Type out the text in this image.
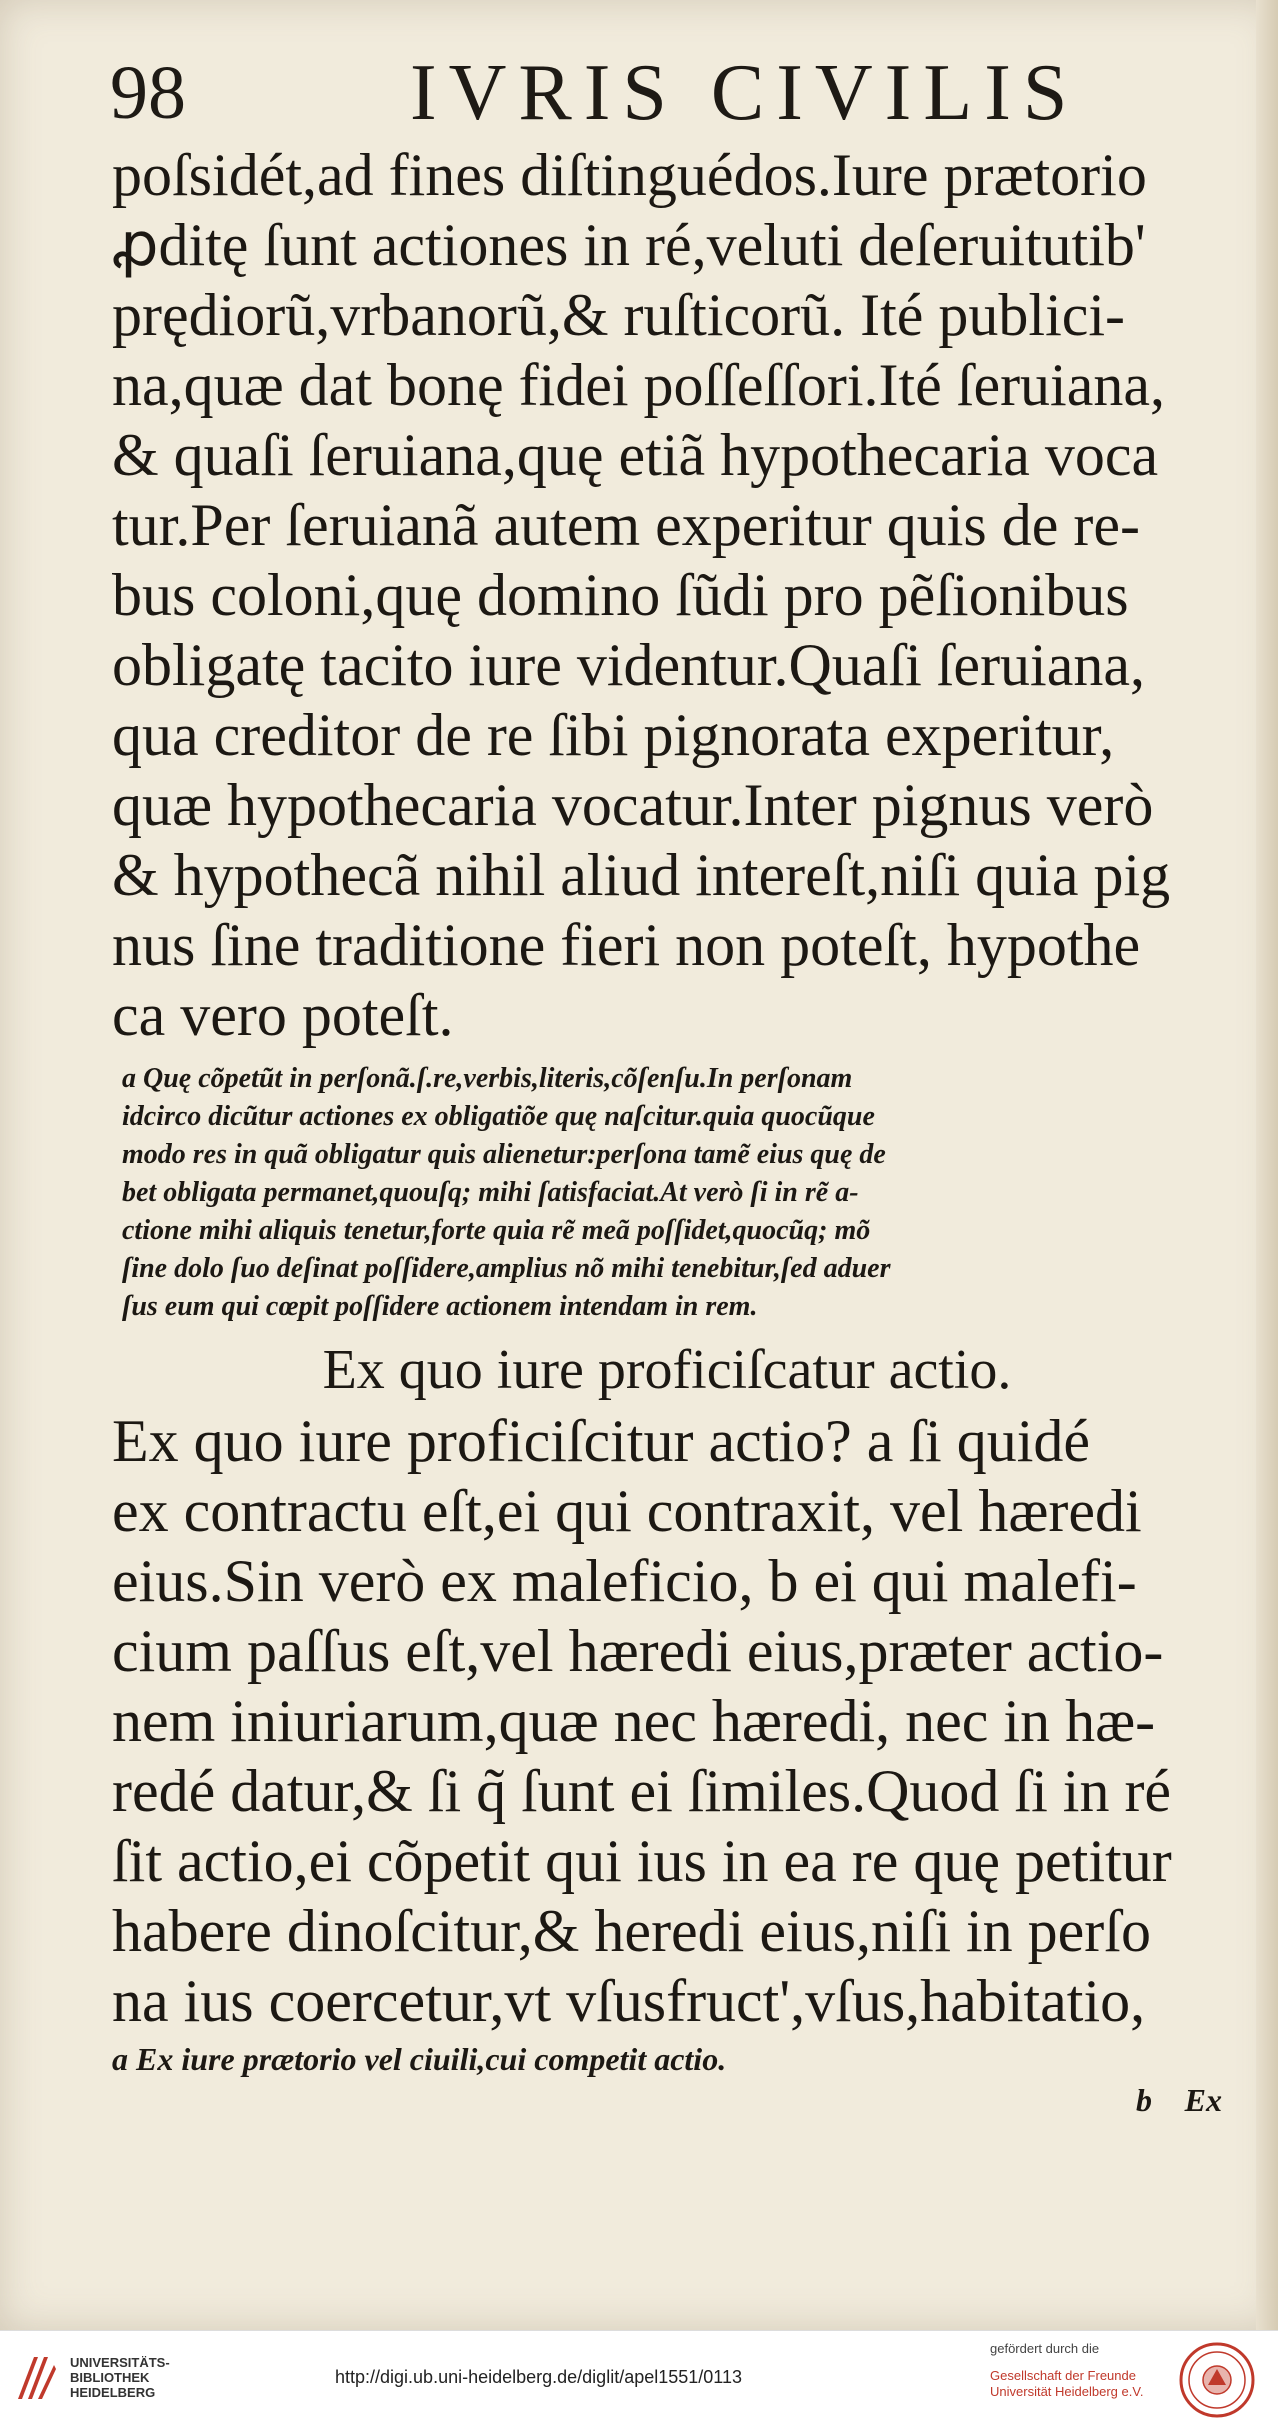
98	IVRIS CIVILIS
poſsidét,ad fines diſtinguédos.Iure prætorio
ꝓditę ſunt actiones in ré,veluti deſeruitutib'
prędiorũ,vrbanorũ,& ruſticorũ. Ité publici-
na,quæ dat bonę fidei poſſeſſori.Ité ſeruiana,
& quaſi ſeruiana,quę etiã hypothecaria voca
tur.Per ſeruianã autem experitur quis de re-
bus coloni,quę domino ſũdi pro pẽſionibus
obligatę tacito iure videntur.Quaſi ſeruiana,
qua creditor de re ſibi pignorata experitur,
quæ hypothecaria vocatur.Inter pignus verò
& hypothecã nihil aliud intereſt,niſi quia pig
nus ſine traditione fieri non poteſt, hypothe
ca vero poteſt.
a Quę cõpetũt in perſonã.ſ.re,verbis,literis,cõſenſu.In perſonam
idcirco dicũtur actiones ex obligatiõe quę naſcitur.quia quocũque
modo res in quã obligatur quis alienetur:perſona tamẽ eius quę de
bet obligata permanet,quouſq; mihi ſatisfaciat.At verò ſi in rẽ a-
ctione mihi aliquis tenetur,forte quia rẽ meã poſſidet,quocũq; mõ
ſine dolo ſuo deſinat poſſidere,amplius nõ mihi tenebitur,ſed aduer
ſus eum qui cœpit poſſidere actionem intendam in rem.
Ex quo iure proficiſcatur actio.
Ex quo iure proficiſcitur actio? a ſi quidé
ex contractu eſt,ei qui contraxit, vel hæredi
eius.Sin verò ex maleficio, b ei qui malefi-
cium paſſus eſt,vel hæredi eius,præter actio-
nem iniuriarum,quæ nec hæredi, nec in hæ-
redé datur,& ſi q̃ ſunt ei ſimiles.Quod ſi in ré
ſit actio,ei cõpetit qui ius in ea re quę petitur
habere dinoſcitur,& heredi eius,niſi in perſo
na ius coercetur,vt vſusfruct',vſus,habitatio,
a Ex iure prætorio vel ciuili,cui competit actio.
b Ex
UNIVERSITÄTS-
BIBLIOTHEK
HEIDELBERG
http://digi.ub.uni-heidelberg.de/diglit/apel1551/0113
gefördert durch die
Gesellschaft der Freunde
Universität Heidelberg e.V.
